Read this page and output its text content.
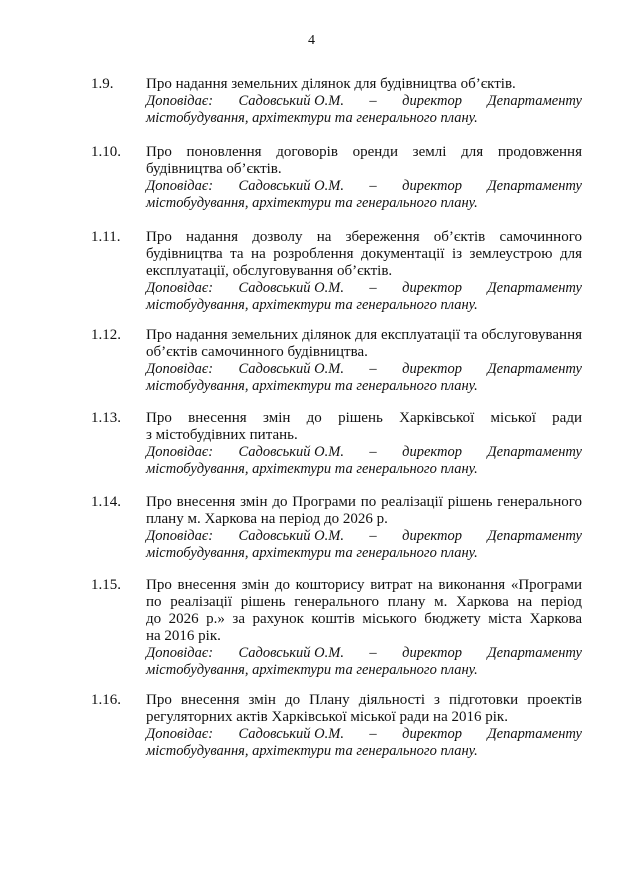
4
1.9. Про надання земельних ділянок для будівництва об’єктів.
Доповідає: Садовський О.М. – директор Департаменту
містобудування, архітектури та генерального плану.
1.10. Про поновлення договорів оренди землі для продовження
будівництва об’єктів.
Доповідає: Садовський О.М. – директор Департаменту
містобудування, архітектури та генерального плану.
1.11. Про надання дозволу на збереження об’єктів самочинного
будівництва та на розроблення документації із землеустрою для
експлуатації, обслуговування об’єктів.
Доповідає: Садовський О.М. – директор Департаменту
містобудування, архітектури та генерального плану.
1.12. Про надання земельних ділянок для експлуатації та обслуговування
об’єктів самочинного будівництва.
Доповідає: Садовський О.М. – директор Департаменту
містобудування, архітектури та генерального плану.
1.13. Про внесення змін до рішень Харківської міської ради
з містобудівних питань.
Доповідає: Садовський О.М. – директор Департаменту
містобудування, архітектури та генерального плану.
1.14. Про внесення змін до Програми по реалізації рішень генерального
плану м. Харкова на період до 2026 р.
Доповідає: Садовський О.М. – директор Департаменту
містобудування, архітектури та генерального плану.
1.15. Про внесення змін до кошторису витрат на виконання «Програми
по реалізації рішень генерального плану м. Харкова на період
до 2026 р.» за рахунок коштів міського бюджету міста Харкова
на 2016 рік.
Доповідає: Садовський О.М. – директор Департаменту
містобудування, архітектури та генерального плану.
1.16. Про внесення змін до Плану діяльності з підготовки проектів
регуляторних актів Харківської міської ради на 2016 рік.
Доповідає: Садовський О.М. – директор Департаменту
містобудування, архітектури та генерального плану.
